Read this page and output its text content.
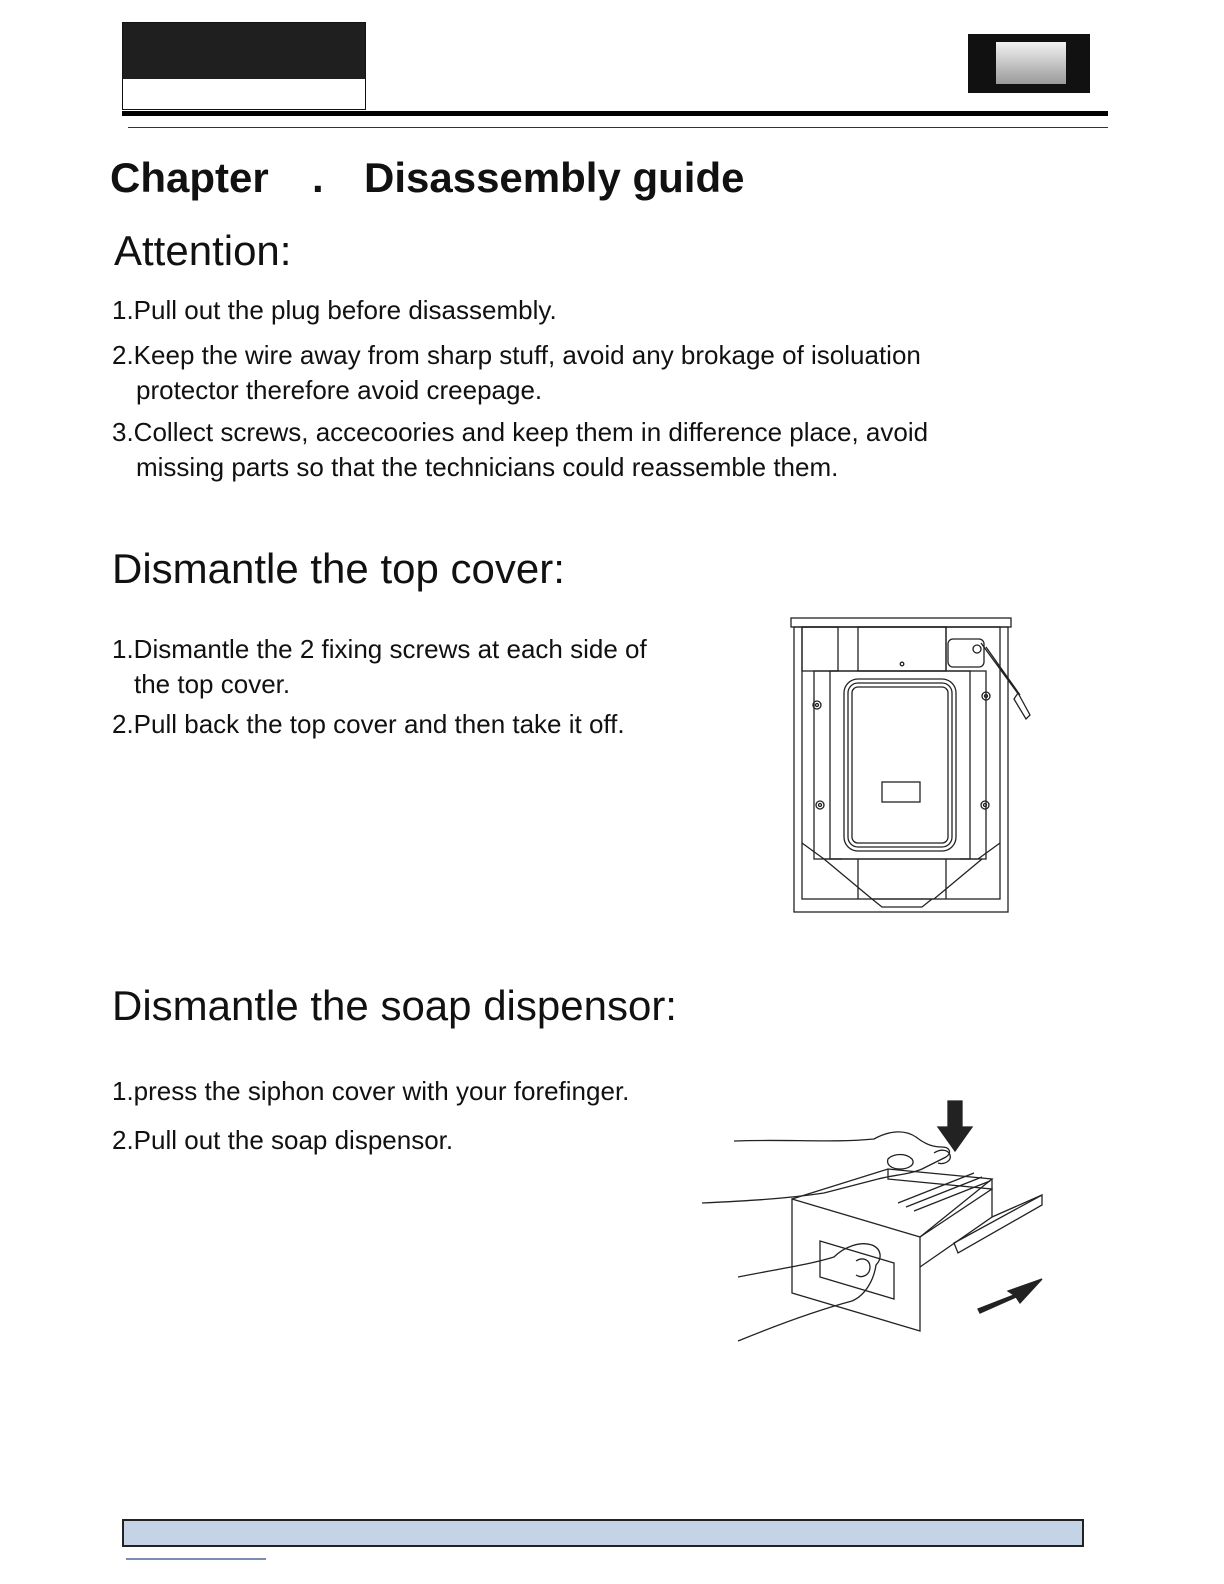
Chapter . Disassembly guide
Attention:
1.Pull out the plug before disassembly.
2.Keep the wire away from sharp stuff, avoid any brokage of isoluation
protector therefore avoid creepage.
3.Collect screws, accecoories and keep them in difference place, avoid
missing parts so that the technicians could reassemble them.
Dismantle the top cover:
1.Dismantle the 2 fixing screws at each side of
the top cover.
2.Pull back the top cover and then take it off.
Dismantle the soap dispensor:
1.press the siphon cover with your forefinger.
2.Pull out the soap dispensor.
